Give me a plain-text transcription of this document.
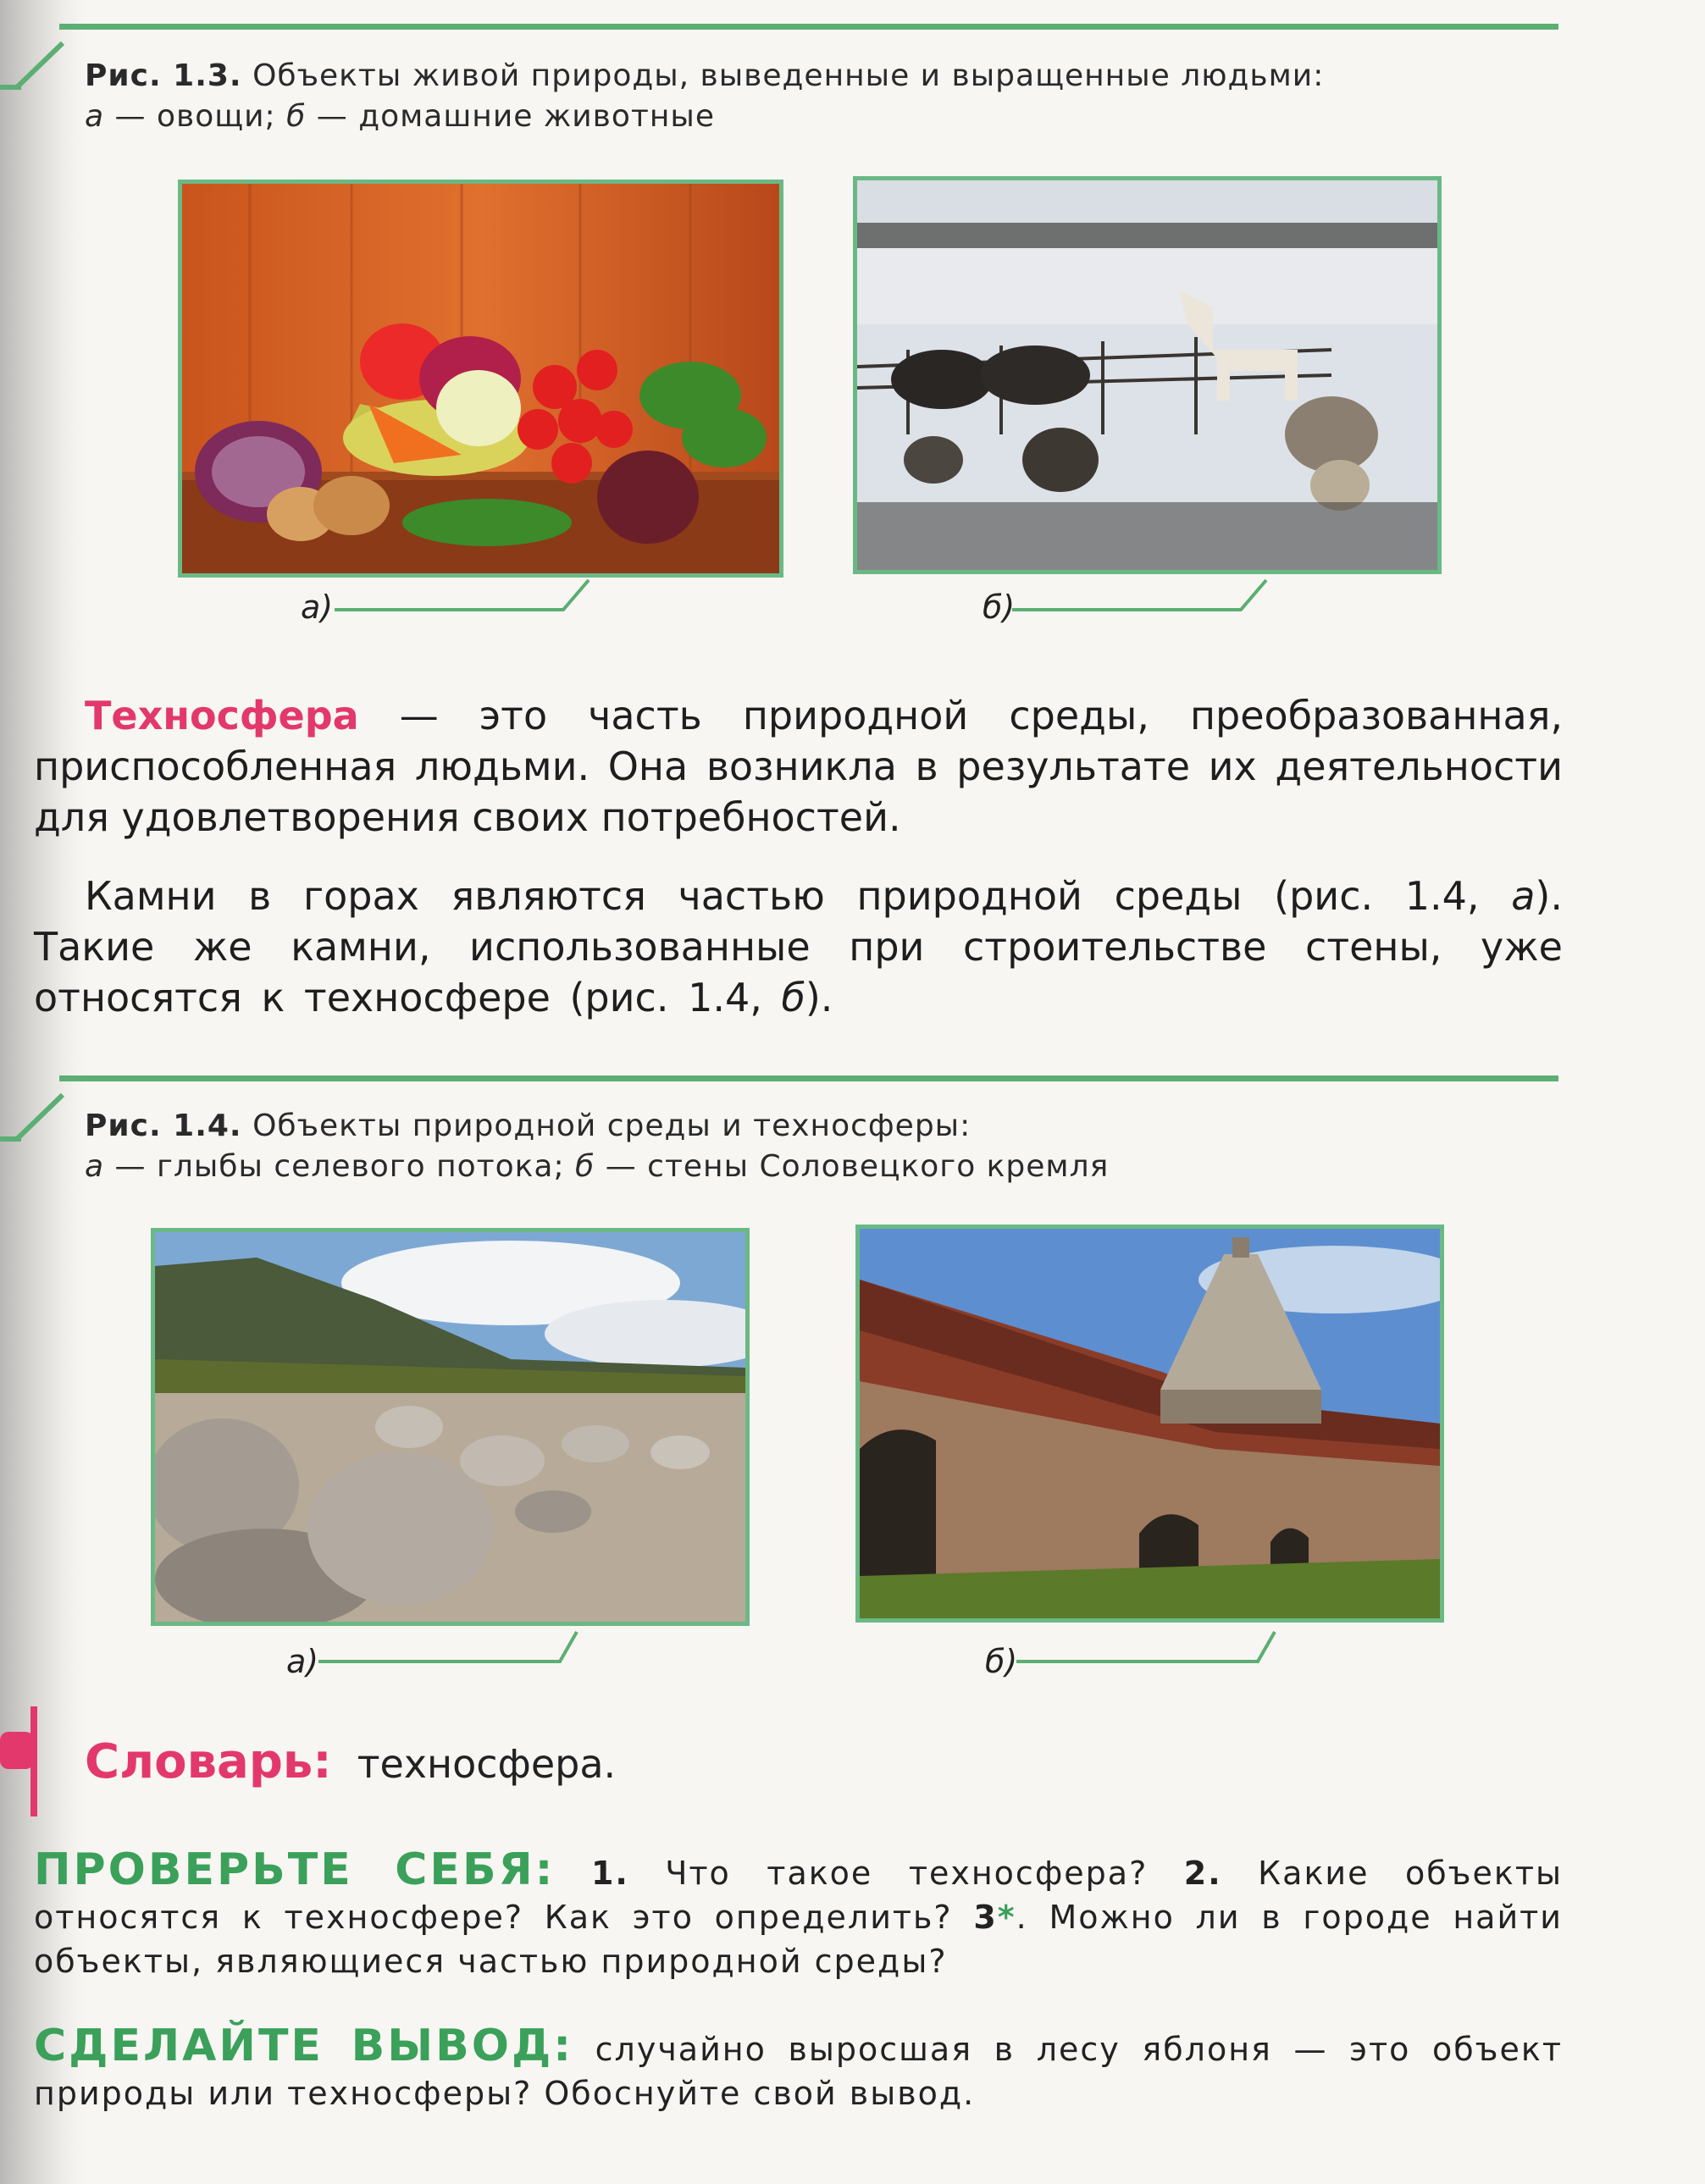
Рис. 1.3. Объекты живой природы, выведенные и выращенные людьми:
а — овощи; б — домашние животные
а)	б)
Техносфера — это часть природной среды, преобразованная, приспособленная людьми. Она возникла в результате их деятельности для удовлетворения своих потребностей.
Камни в горах являются частью природной среды (рис. 1.4, а). Такие же камни, использованные при строительстве стены, уже относятся к техносфере (рис. 1.4, б).
Рис. 1.4. Объекты природной среды и техносферы:
а — глыбы селевого потока; б — стены Соловецкого кремля
а)	б)
Словарь: техносфера.
ПРОВЕРЬТЕ СЕБЯ: 1. Что такое техносфера? 2. Какие объекты относятся к техносфере? Как это определить? 3*. Можно ли в городе найти объекты, являющиеся частью природной среды?
СДЕЛАЙТЕ ВЫВОД: случайно выросшая в лесу яблоня — это объект природы или техносферы? Обоснуйте свой вывод.
